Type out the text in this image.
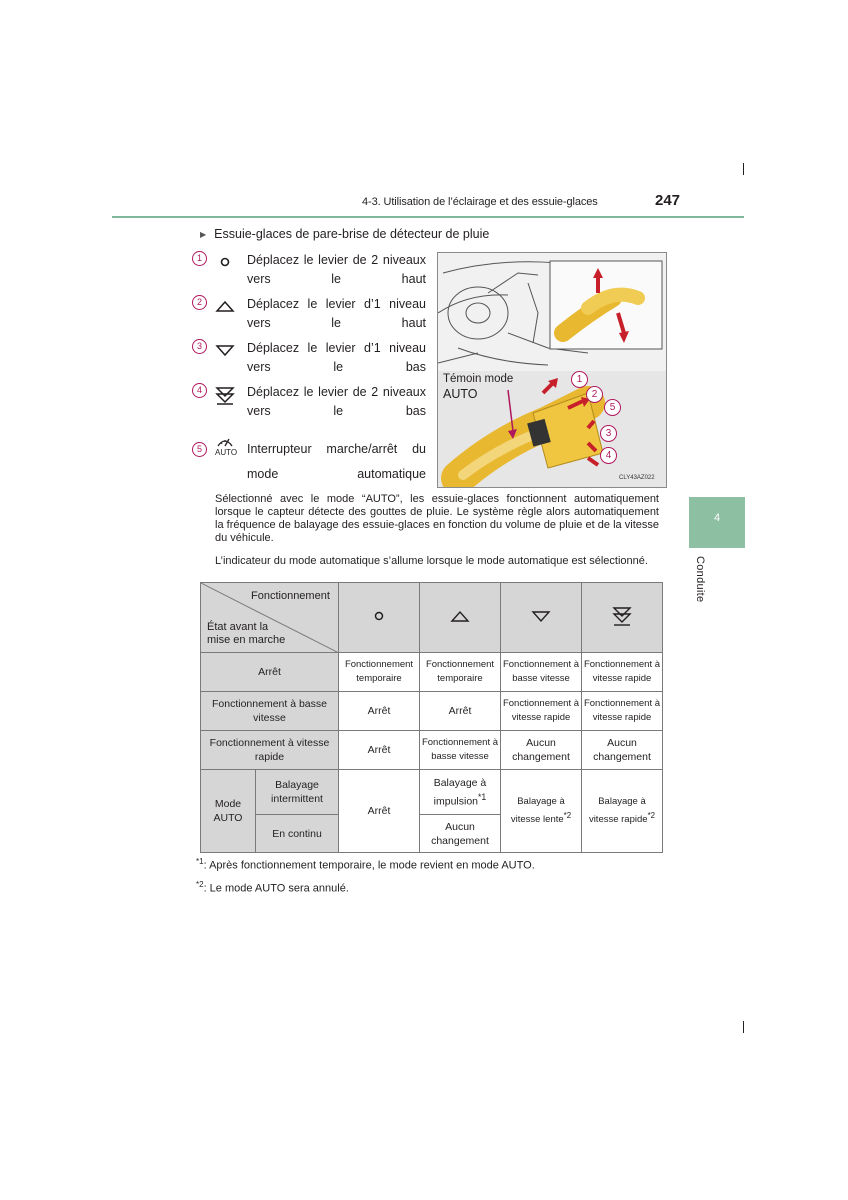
4-3. Utilisation de l’éclairage et des essuie-glaces	247
4
Conduite
▶ Essuie-glaces de pare-brise de détecteur de pluie
1	Déplacez le levier de 2 niveaux vers le haut
2	Déplacez le levier d’1 niveau vers le haut
3	Déplacez le levier d’1 niveau vers le bas
4	Déplacez le levier de 2 niveaux vers le bas
5	AUTO Interrupteur marche/arrêt du mode automatique
Témoin mode
AUTO
CLY43AZ022
1
2
5
3
4
Sélectionné avec le mode “AUTO”, les essuie-glaces fonctionnent automatiquement lorsque le capteur détecte des gouttes de pluie. Le système règle alors automatiquement la fréquence de balayage des essuie-glaces en fonction du volume de pluie et de la vitesse du véhicule.
L’indicateur du mode automatique s’allume lorsque le mode automatique est sélectionné.
Fonctionnement
État avant la mise en marche

Arrêt		Fonctionnement temporaire	Fonctionnement temporaire	Fonctionnement à basse vitesse	Fonctionnement à vitesse rapide
Fonctionnement à basse vitesse		Arrêt	Arrêt	Fonctionnement à vitesse rapide	Fonctionnement à vitesse rapide
Fonctionnement à vitesse rapide		Arrêt	Fonctionnement à basse vitesse	Aucun changement	Aucun changement
Mode AUTO	Balayage intermittent	Arrêt	Balayage à impulsion$^{*1}$	Balayage à vitesse lente$^{*2}$	Balayage à vitesse rapide$^{*2}$
	En continu		Aucun changement		
$^{*1}$: Après fonctionnement temporaire, le mode revient en mode AUTO.
$^{*2}$: Le mode AUTO sera annulé.
